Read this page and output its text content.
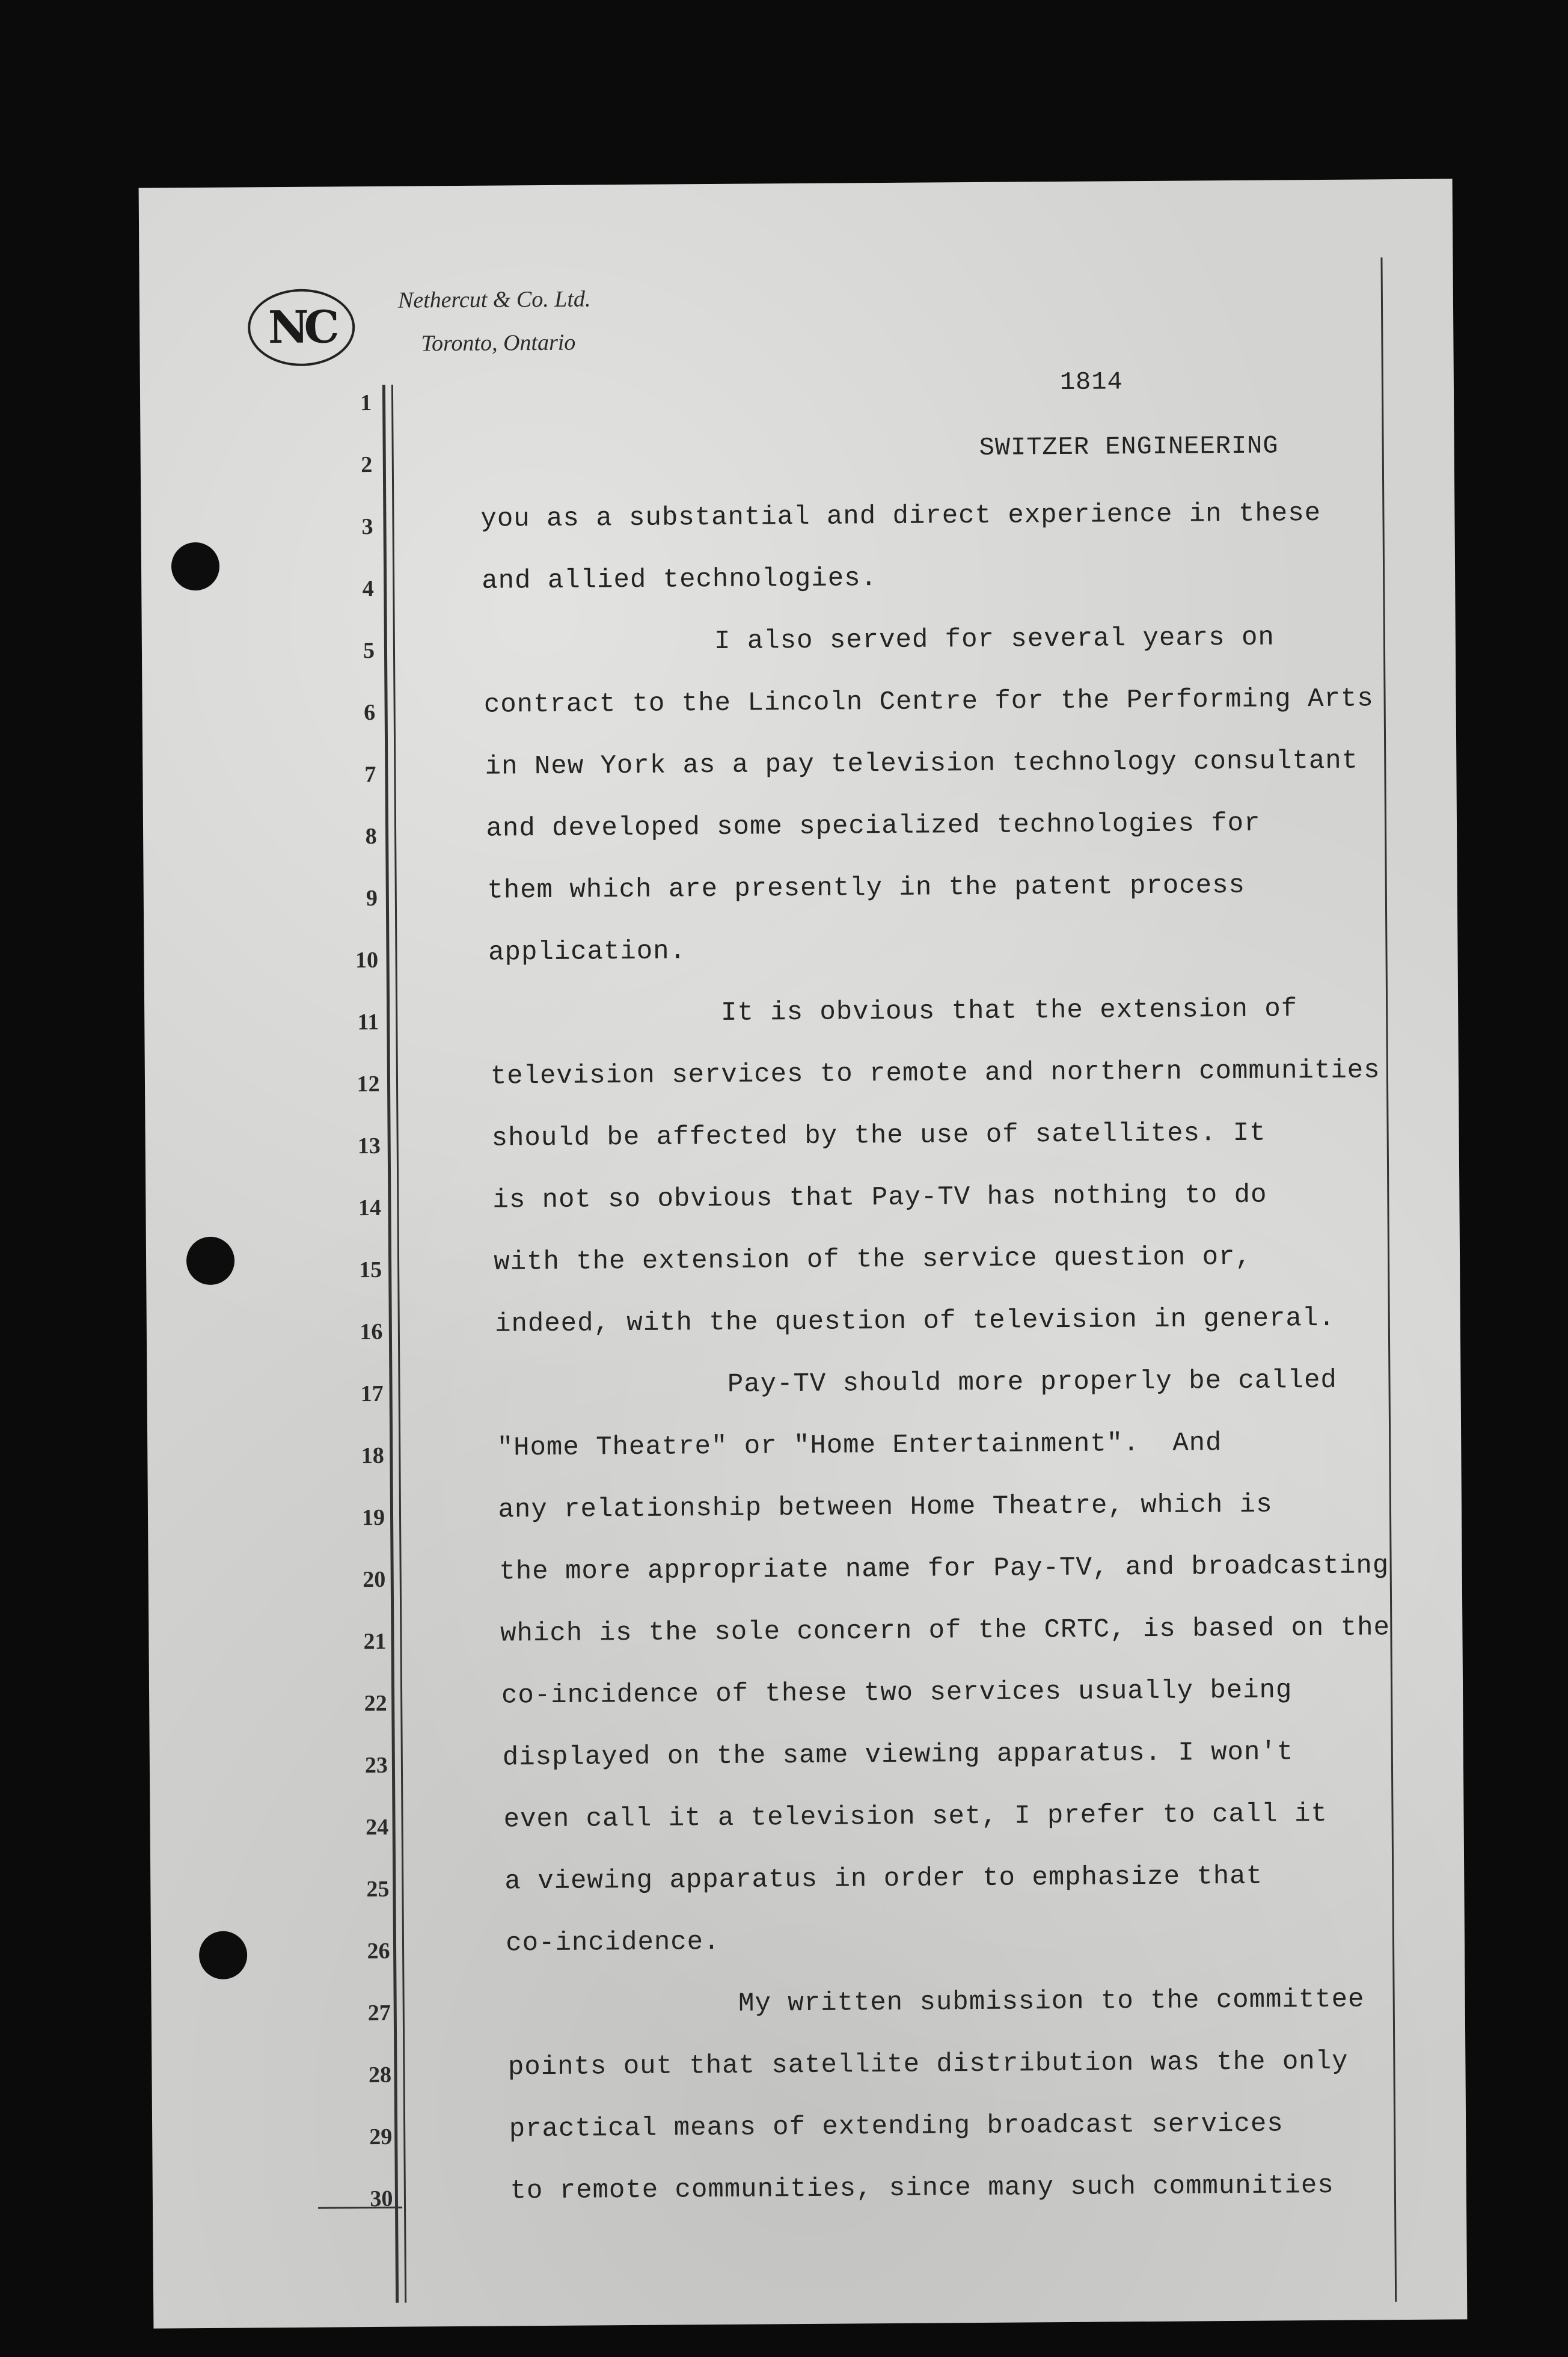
NC
Nethercut & Co. Ltd.
Toronto, Ontario
1814
SWITZER ENGINEERING
1
2
3
4
5
6
7
8
9
10
11
12
13
14
15
16
17
18
19
20
21
22
23
24
25
26
27
28
29
30
you as a substantial and direct experience in these
and allied technologies.
I also served for several years on
contract to the Lincoln Centre for the Performing Arts
in New York as a pay television technology consultant
and developed some specialized technologies for
them which are presently in the patent process
application.
It is obvious that the extension of
television services to remote and northern communities
should be affected by the use of satellites. It
is not so obvious that Pay-TV has nothing to do
with the extension of the service question or,
indeed, with the question of television in general.
Pay-TV should more properly be called
"Home Theatre" or "Home Entertainment".  And
any relationship between Home Theatre, which is
the more appropriate name for Pay-TV, and broadcasting
which is the sole concern of the CRTC, is based on the
co-incidence of these two services usually being
displayed on the same viewing apparatus. I won't
even call it a television set, I prefer to call it
a viewing apparatus in order to emphasize that
co-incidence.
My written submission to the committee
points out that satellite distribution was the only
practical means of extending broadcast services
to remote communities, since many such communities
